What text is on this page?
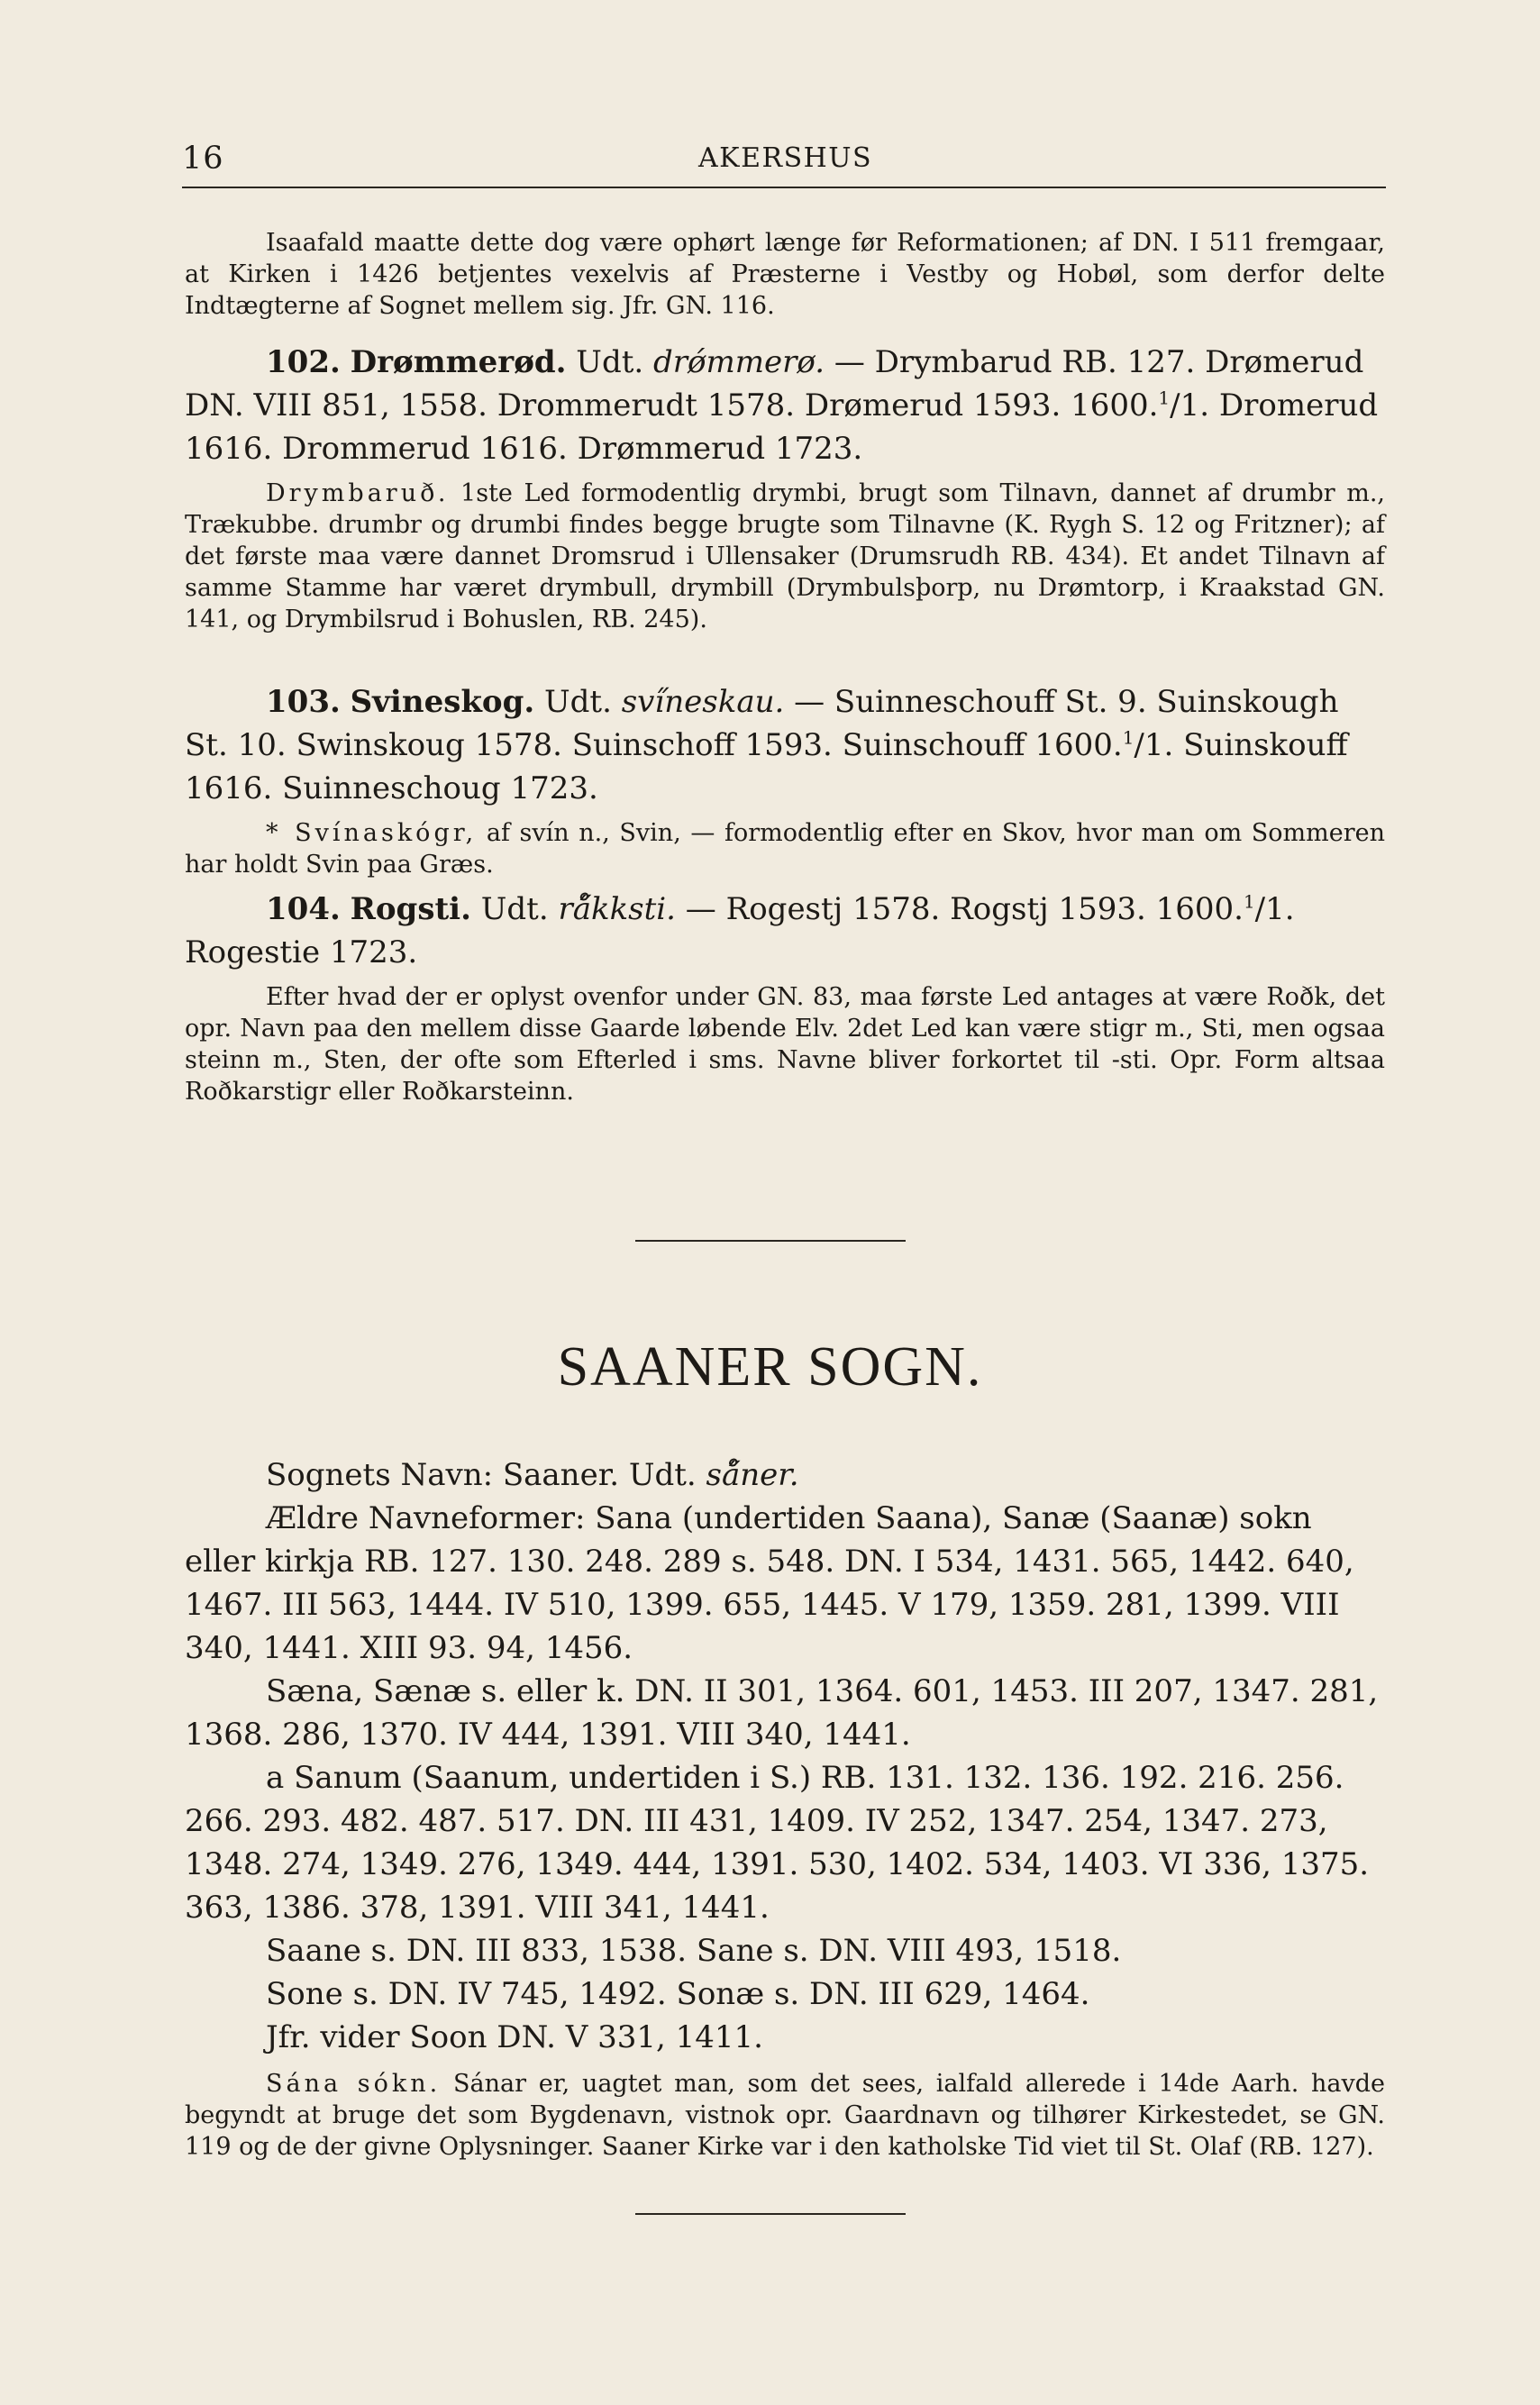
16	AKERSHUS

Isaafald maatte dette dog være ophørt længe før Reformationen; af DN. I 511 fremgaar, at Kirken i 1426 betjentes vexelvis af Præsterne i Vestby og Hobøl, som derfor delte Indtægterne af Sognet mellem sig. Jfr. GN. 116.

102. Drømmerød. Udt. drǿmmerø. — Drymbarud RB. 127. Drømerud DN. VIII 851, 1558. Drommerudt 1578. Drømerud 1593. 1600.$^1$/1. Dromerud 1616. Drommerud 1616. Drømmerud 1723.

Drymbaruð. 1ste Led formodentlig drymbi, brugt som Tilnavn, dannet af drumbr m., Trækubbe. drumbr og drumbi findes begge brugte som Tilnavne (K. Rygh S. 12 og Fritzner); af det første maa være dannet Dromsrud i Ullensaker (Drumsrudh RB. 434). Et andet Tilnavn af samme Stamme har været drymbull, drymbill (Drymbulsþorp, nu Drømtorp, i Kraakstad GN. 141, og Drymbilsrud i Bohuslen, RB. 245).

103. Svineskog. Udt. svi̋neskau. — Suinneschouff St. 9. Suinskough St. 10. Swinskoug 1578. Suinschoff 1593. Suinschouff 1600.$^1$/1. Suinskouff 1616. Suinneschoug 1723.

* Svínaskógr, af svín n., Svin, — formodentlig efter en Skov, hvor man om Sommeren har holdt Svin paa Græs.

104. Rogsti. Udt. rå̋kksti. — Rogestj 1578. Rogstj 1593. 1600.$^1$/1. Rogestie 1723.

Efter hvad der er oplyst ovenfor under GN. 83, maa første Led antages at være Roðk, det opr. Navn paa den mellem disse Gaarde løbende Elv. 2det Led kan være stigr m., Sti, men ogsaa steinn m., Sten, der ofte som Efterled i sms. Navne bliver forkortet til -sti. Opr. Form altsaa Roðkarstigr eller Roðkarsteinn.

SAANER SOGN.

Sognets Navn: Saaner. Udt. så̋ner.

Ældre Navneformer: Sana (undertiden Saana), Sanæ (Saanæ) sokn eller kirkja RB. 127. 130. 248. 289 s. 548. DN. I 534, 1431. 565, 1442. 640, 1467. III 563, 1444. IV 510, 1399. 655, 1445. V 179, 1359. 281, 1399. VIII 340, 1441. XIII 93. 94, 1456.

Sæna, Sænæ s. eller k. DN. II 301, 1364. 601, 1453. III 207, 1347. 281, 1368. 286, 1370. IV 444, 1391. VIII 340, 1441.

a Sanum (Saanum, undertiden i S.) RB. 131. 132. 136. 192. 216. 256. 266. 293. 482. 487. 517. DN. III 431, 1409. IV 252, 1347. 254, 1347. 273, 1348. 274, 1349. 276, 1349. 444, 1391. 530, 1402. 534, 1403. VI 336, 1375. 363, 1386. 378, 1391. VIII 341, 1441.

Saane s. DN. III 833, 1538. Sane s. DN. VIII 493, 1518.

Sone s. DN. IV 745, 1492. Sonæ s. DN. III 629, 1464.

Jfr. vider Soon DN. V 331, 1411.

Sána sókn. Sánar er, uagtet man, som det sees, ialfald allerede i 14de Aarh. havde begyndt at bruge det som Bygdenavn, vistnok opr. Gaardnavn og tilhører Kirkestedet, se GN. 119 og de der givne Oplysninger. Saaner Kirke var i den katholske Tid viet til St. Olaf (RB. 127).
